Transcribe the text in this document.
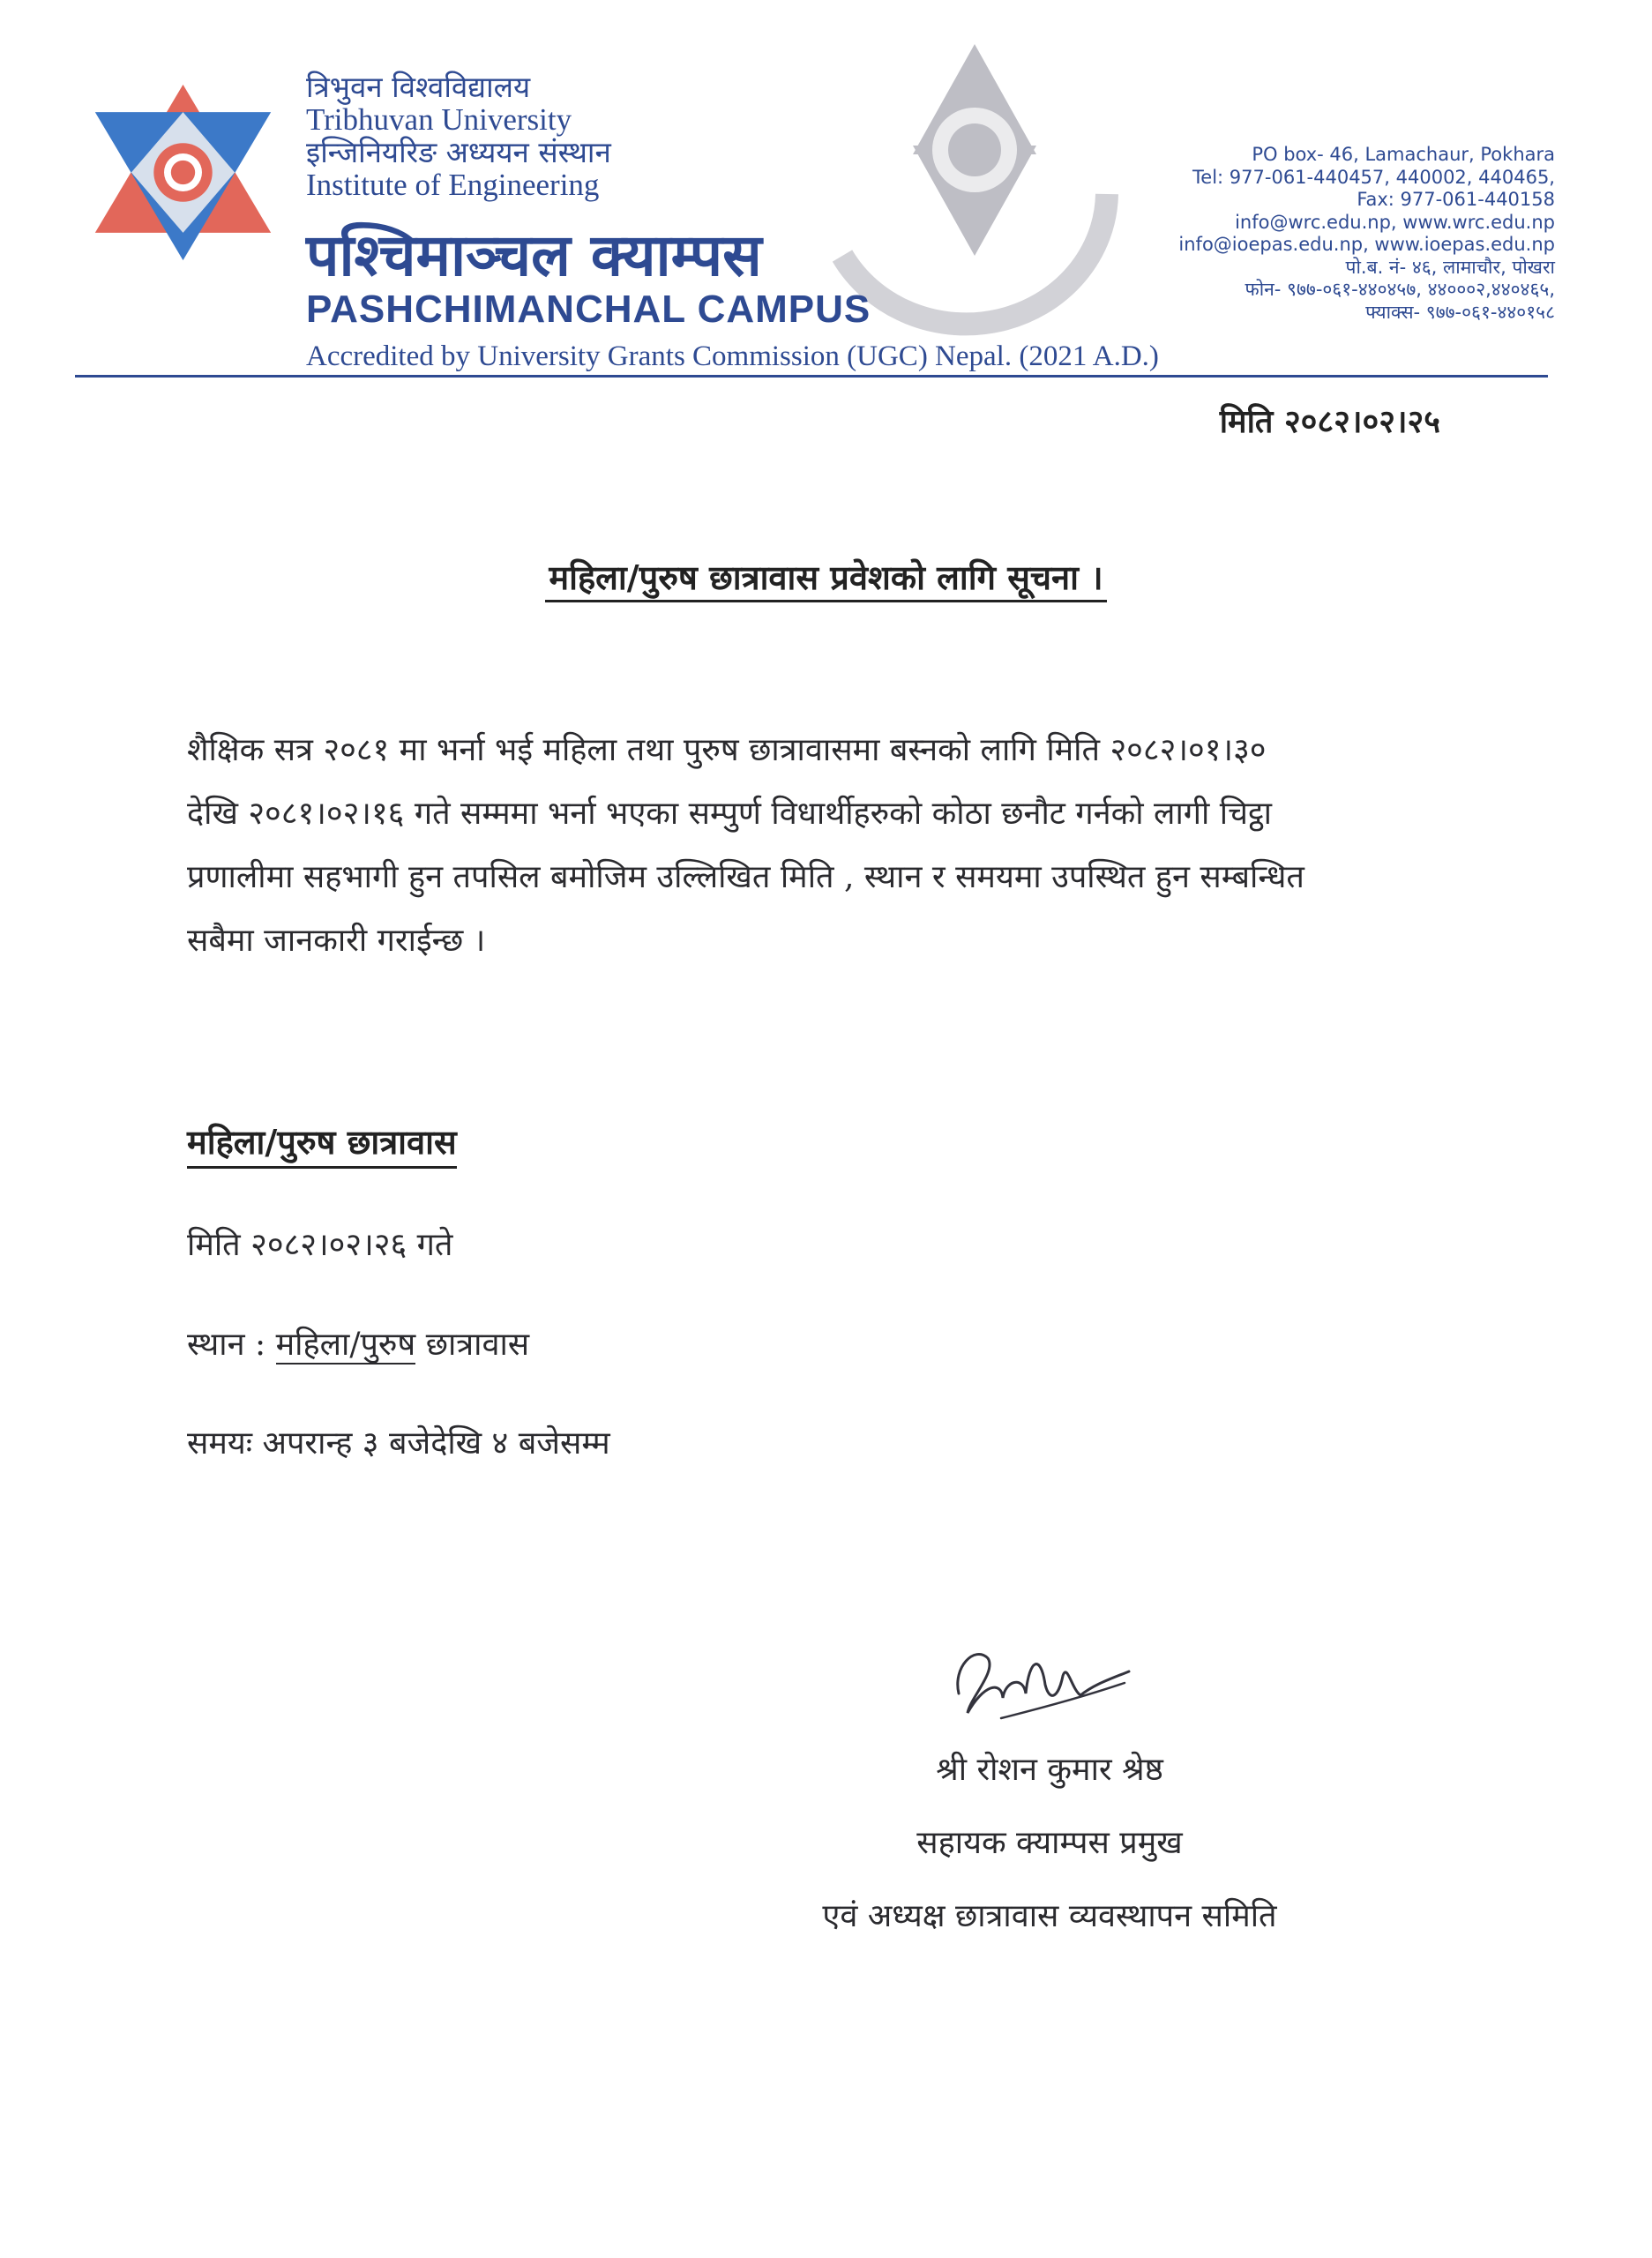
त्रिभुवन विश्वविद्यालय
Tribhuvan University
इन्जिनियरिङ अध्ययन संस्थान
Institute of Engineering
पश्चिमाञ्चल क्याम्पस
PASHCHIMANCHAL CAMPUS
Accredited by University Grants Commission (UGC) Nepal. (2021 A.D.)
PO box- 46, Lamachaur, Pokhara
Tel: 977-061-440457, 440002, 440465,
Fax: 977-061-440158
info@wrc.edu.np, www.wrc.edu.np
info@ioepas.edu.np, www.ioepas.edu.np
पो.ब. नं- ४६, लामाचौर, पोखरा
फोन- ९७७-०६१-४४०४५७, ४४०००२,४४०४६५,
फ्याक्स- ९७७-०६१-४४०१५८
मिति २०८२।०२।२५
महिला/पुरुष छात्रावास प्रवेशको लागि सूचना ।
शैक्षिक सत्र २०८१ मा भर्ना भई महिला तथा पुरुष छात्रावासमा बस्नको लागि मिति २०८२।०१।३०
देखि २०८१।०२।१६ गते सम्ममा भर्ना भएका सम्पुर्ण विधार्थीहरुको कोठा छनौट गर्नको लागी चिट्ठा
प्रणालीमा सहभागी हुन तपसिल बमोजिम उल्लिखित मिति , स्थान र समयमा उपस्थित हुन सम्बन्धित
सबैमा जानकारी गराईन्छ ।
महिला/पुरुष छात्रावास
मिति २०८२।०२।२६ गते
स्थान : महिला/पुरुष छात्रावास
समयः अपरान्ह ३ बजेदेखि ४ बजेसम्म
श्री रोशन कुमार श्रेष्ठ
सहायक क्याम्पस प्रमुख
एवं अध्यक्ष छात्रावास व्यवस्थापन समिति
